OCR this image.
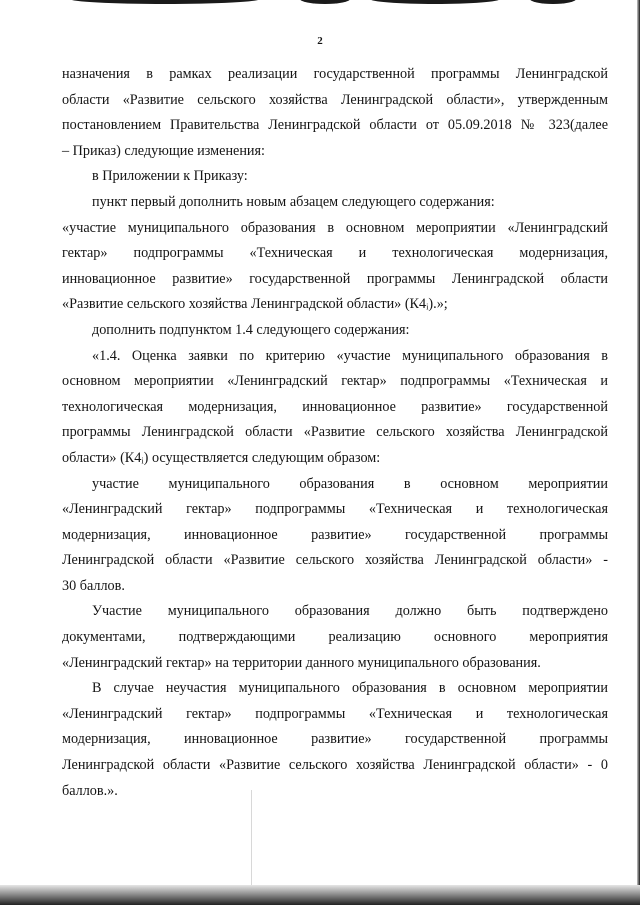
2
назначения в рамках реализации государственной программы Ленинградской
области «Развитие сельского хозяйства Ленинградской области», утвержденным
постановлением Правительства Ленинградской области от 05.09.2018 № 323(далее
– Приказ) следующие изменения:
в Приложении к Приказу:
пункт первый дополнить новым абзацем следующего содержания:
«участие муниципального образования в основном мероприятии «Ленинградский
гектар» подпрограммы «Техническая и технологическая модернизация,
инновационное развитие» государственной программы Ленинградской области
«Развитие сельского хозяйства Ленинградской области» (К4ᵢ).»;
дополнить подпунктом 1.4 следующего содержания:
«1.4. Оценка заявки по критерию «участие муниципального образования в
основном мероприятии «Ленинградский гектар» подпрограммы «Техническая и
технологическая модернизация, инновационное развитие» государственной
программы Ленинградской области «Развитие сельского хозяйства Ленинградской
области» (К4ᵢ) осуществляется следующим образом:
участие муниципального образования в основном мероприятии
«Ленинградский гектар» подпрограммы «Техническая и технологическая
модернизация, инновационное развитие» государственной программы
Ленинградской области «Развитие сельского хозяйства Ленинградской области» -
30 баллов.
Участие муниципального образования должно быть подтверждено
документами, подтверждающими реализацию основного мероприятия
«Ленинградский гектар» на территории данного муниципального образования.
В случае неучастия муниципального образования в основном мероприятии
«Ленинградский гектар» подпрограммы «Техническая и технологическая
модернизация, инновационное развитие» государственной программы
Ленинградской области «Развитие сельского хозяйства Ленинградской области» - 0
баллов.».
